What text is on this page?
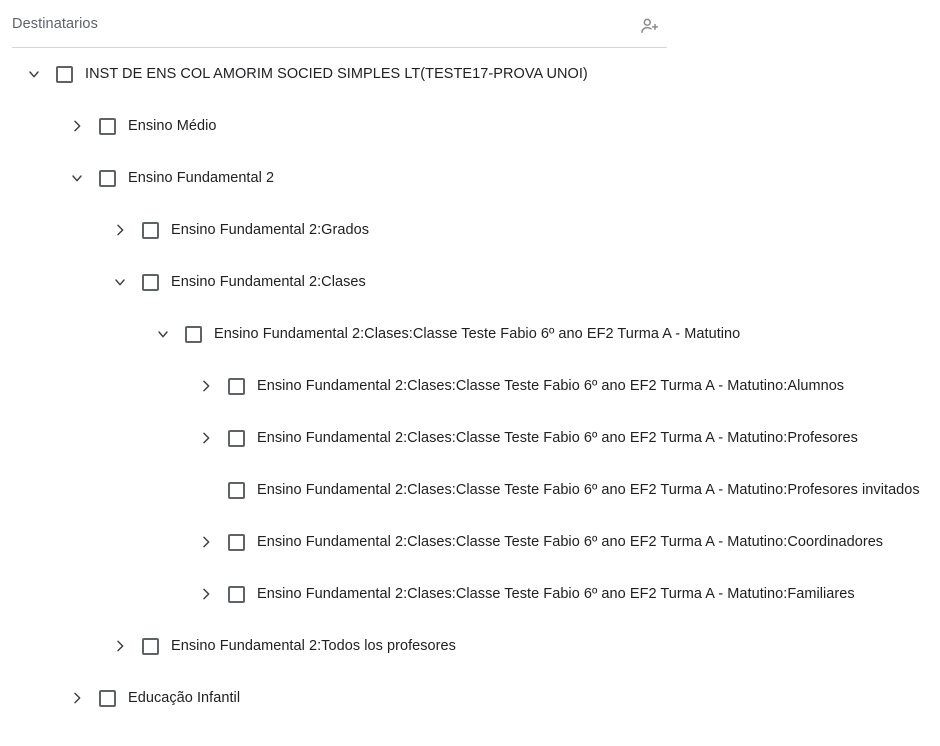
Destinatarios
INST DE ENS COL AMORIM SOCIED SIMPLES LT(TESTE17-PROVA UNOI)
Ensino Médio
Ensino Fundamental 2
Ensino Fundamental 2:Grados
Ensino Fundamental 2:Clases
Ensino Fundamental 2:Clases:Classe Teste Fabio 6º ano EF2 Turma A - Matutino
Ensino Fundamental 2:Clases:Classe Teste Fabio 6º ano EF2 Turma A - Matutino:Alumnos
Ensino Fundamental 2:Clases:Classe Teste Fabio 6º ano EF2 Turma A - Matutino:Profesores
Ensino Fundamental 2:Clases:Classe Teste Fabio 6º ano EF2 Turma A - Matutino:Profesores invitados
Ensino Fundamental 2:Clases:Classe Teste Fabio 6º ano EF2 Turma A - Matutino:Coordinadores
Ensino Fundamental 2:Clases:Classe Teste Fabio 6º ano EF2 Turma A - Matutino:Familiares
Ensino Fundamental 2:Todos los profesores
Educação Infantil
